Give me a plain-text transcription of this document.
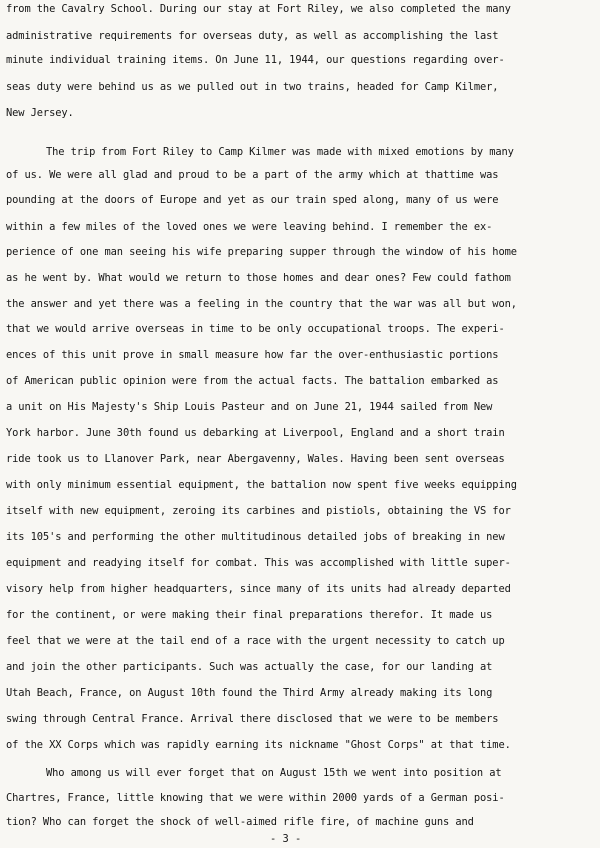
from the Cavalry School. During our stay at Fort Riley, we also completed the many
administrative requirements for overseas duty, as well as accomplishing the last
minute individual training items. On June 11, 1944, our questions regarding over-
seas duty were behind us as we pulled out in two trains, headed for Camp Kilmer,
New Jersey.
The trip from Fort Riley to Camp Kilmer was made with mixed emotions by many
of us. We were all glad and proud to be a part of the army which at thattime was
pounding at the doors of Europe and yet as our train sped along, many of us were
within a few miles of the loved ones we were leaving behind. I remember the ex-
perience of one man seeing his wife preparing supper through the window of his home
as he went by. What would we return to those homes and dear ones? Few could fathom
the answer and yet there was a feeling in the country that the war was all but won,
that we would arrive overseas in time to be only occupational troops. The experi-
ences of this unit prove in small measure how far the over-enthusiastic portions
of American public opinion were from the actual facts. The battalion embarked as
a unit on His Majesty's Ship Louis Pasteur and on June 21, 1944 sailed from New
York harbor. June 30th found us debarking at Liverpool, England and a short train
ride took us to Llanover Park, near Abergavenny, Wales. Having been sent overseas
with only minimum essential equipment, the battalion now spent five weeks equipping
itself with new equipment, zeroing its carbines and pistiols, obtaining the VS for
its 105's and performing the other multitudinous detailed jobs of breaking in new
equipment and readying itself for combat. This was accomplished with little super-
visory help from higher headquarters, since many of its units had already departed
for the continent, or were making their final preparations therefor. It made us
feel that we were at the tail end of a race with the urgent necessity to catch up
and join the other participants. Such was actually the case, for our landing at
Utah Beach, France, on August 10th found the Third Army already making its long
swing through Central France. Arrival there disclosed that we were to be members
of the XX Corps which was rapidly earning its nickname "Ghost Corps" at that time.
Who among us will ever forget that on August 15th we went into position at
Chartres, France, little knowing that we were within 2000 yards of a German posi-
tion? Who can forget the shock of well-aimed rifle fire, of machine guns and
- 3 -
